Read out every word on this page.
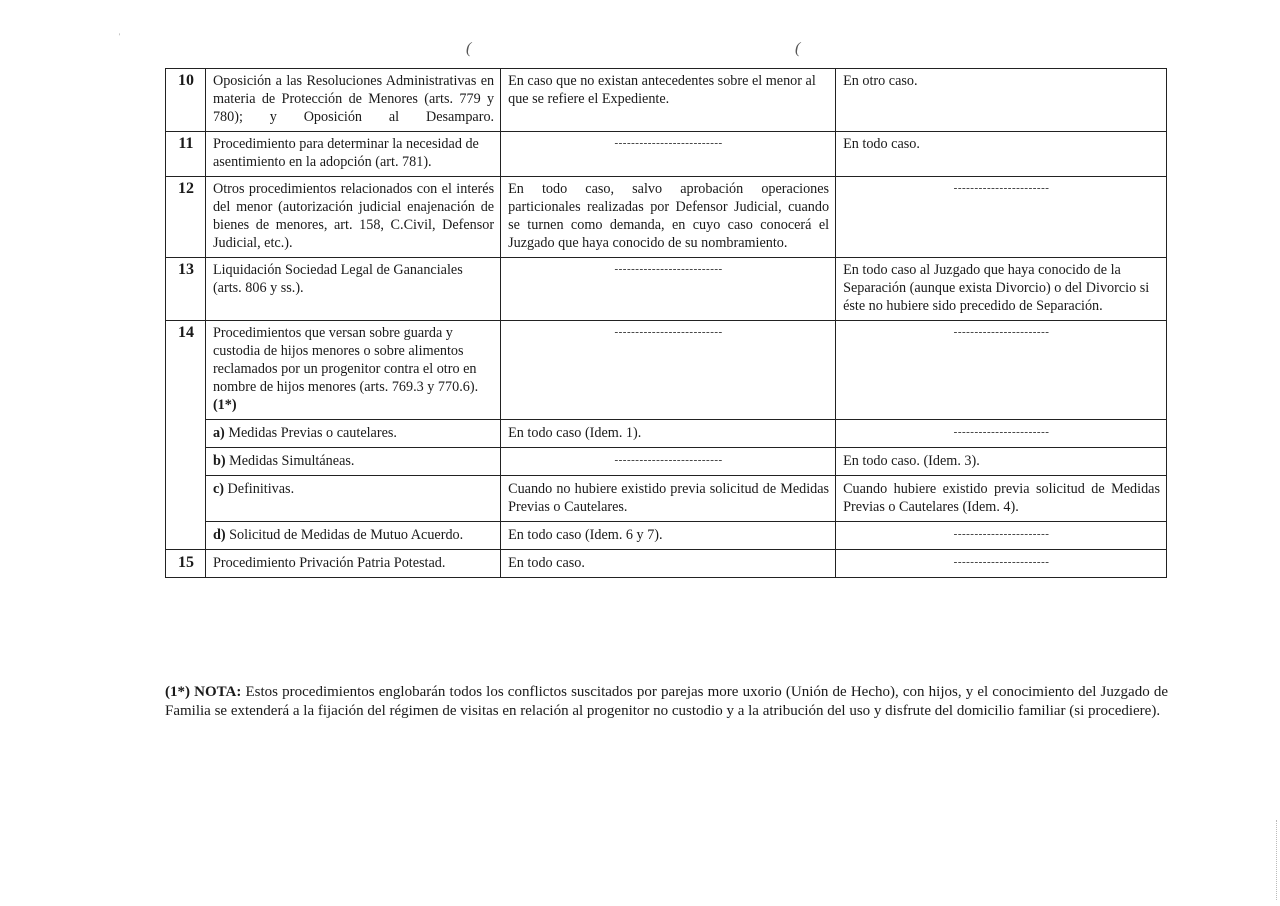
(	(
'
10	Oposición a las Resoluciones Administrativas en materia de Protección de Menores (arts. 779 y 780); y Oposición al Desamparo.	En caso que no existan antecedentes sobre el menor al que se refiere el Expediente.	En otro caso.
11	Procedimiento para determinar la necesidad de asentimiento en la adopción (art. 781).	--------------------------	En todo caso.
12	Otros procedimientos relacionados con el interés del menor (autorización judicial enajenación de bienes de menores, art. 158, C.Civil, Defensor Judicial, etc.).	En todo caso, salvo aprobación operaciones particionales realizadas por Defensor Judicial, cuando se turnen como demanda, en cuyo caso conocerá el Juzgado que haya conocido de su nombramiento.	-----------------------

13	Liquidación Sociedad Legal de Gananciales (arts. 806 y ss.).	--------------------------	En todo caso al Juzgado que haya conocido de la Separación (aunque exista Divorcio) o del Divorcio si éste no hubiere sido precedido de Separación.
14	Procedimientos que versan sobre guarda y custodia de hijos menores o sobre alimentos reclamados por un progenitor contra el otro en nombre de hijos menores (arts. 769.3 y 770.6). (1*)	--------------------------	-----------------------

	a) Medidas Previas o cautelares.	En todo caso (Idem. 1).	-----------------------

	b) Medidas Simultáneas.	--------------------------	En todo caso. (Idem. 3).
	c) Definitivas.	Cuando no hubiere existido previa solicitud de Medidas Previas o Cautelares.	Cuando hubiere existido previa solicitud de Medidas Previas o Cautelares (Idem. 4).
	d) Solicitud de Medidas de Mutuo Acuerdo.	En todo caso (Idem. 6 y 7).	-----------------------

15	Procedimiento Privación Patria Potestad.	En todo caso.	-----------------------
(1*) NOTA: Estos procedimientos englobarán todos los conflictos suscitados por parejas more uxorio (Unión de Hecho), con hijos, y el conocimiento del Juzgado de Familia se extenderá a la fijación del régimen de visitas en relación al progenitor no custodio y a la atribución del uso y disfrute del domicilio familiar (si procediere).
